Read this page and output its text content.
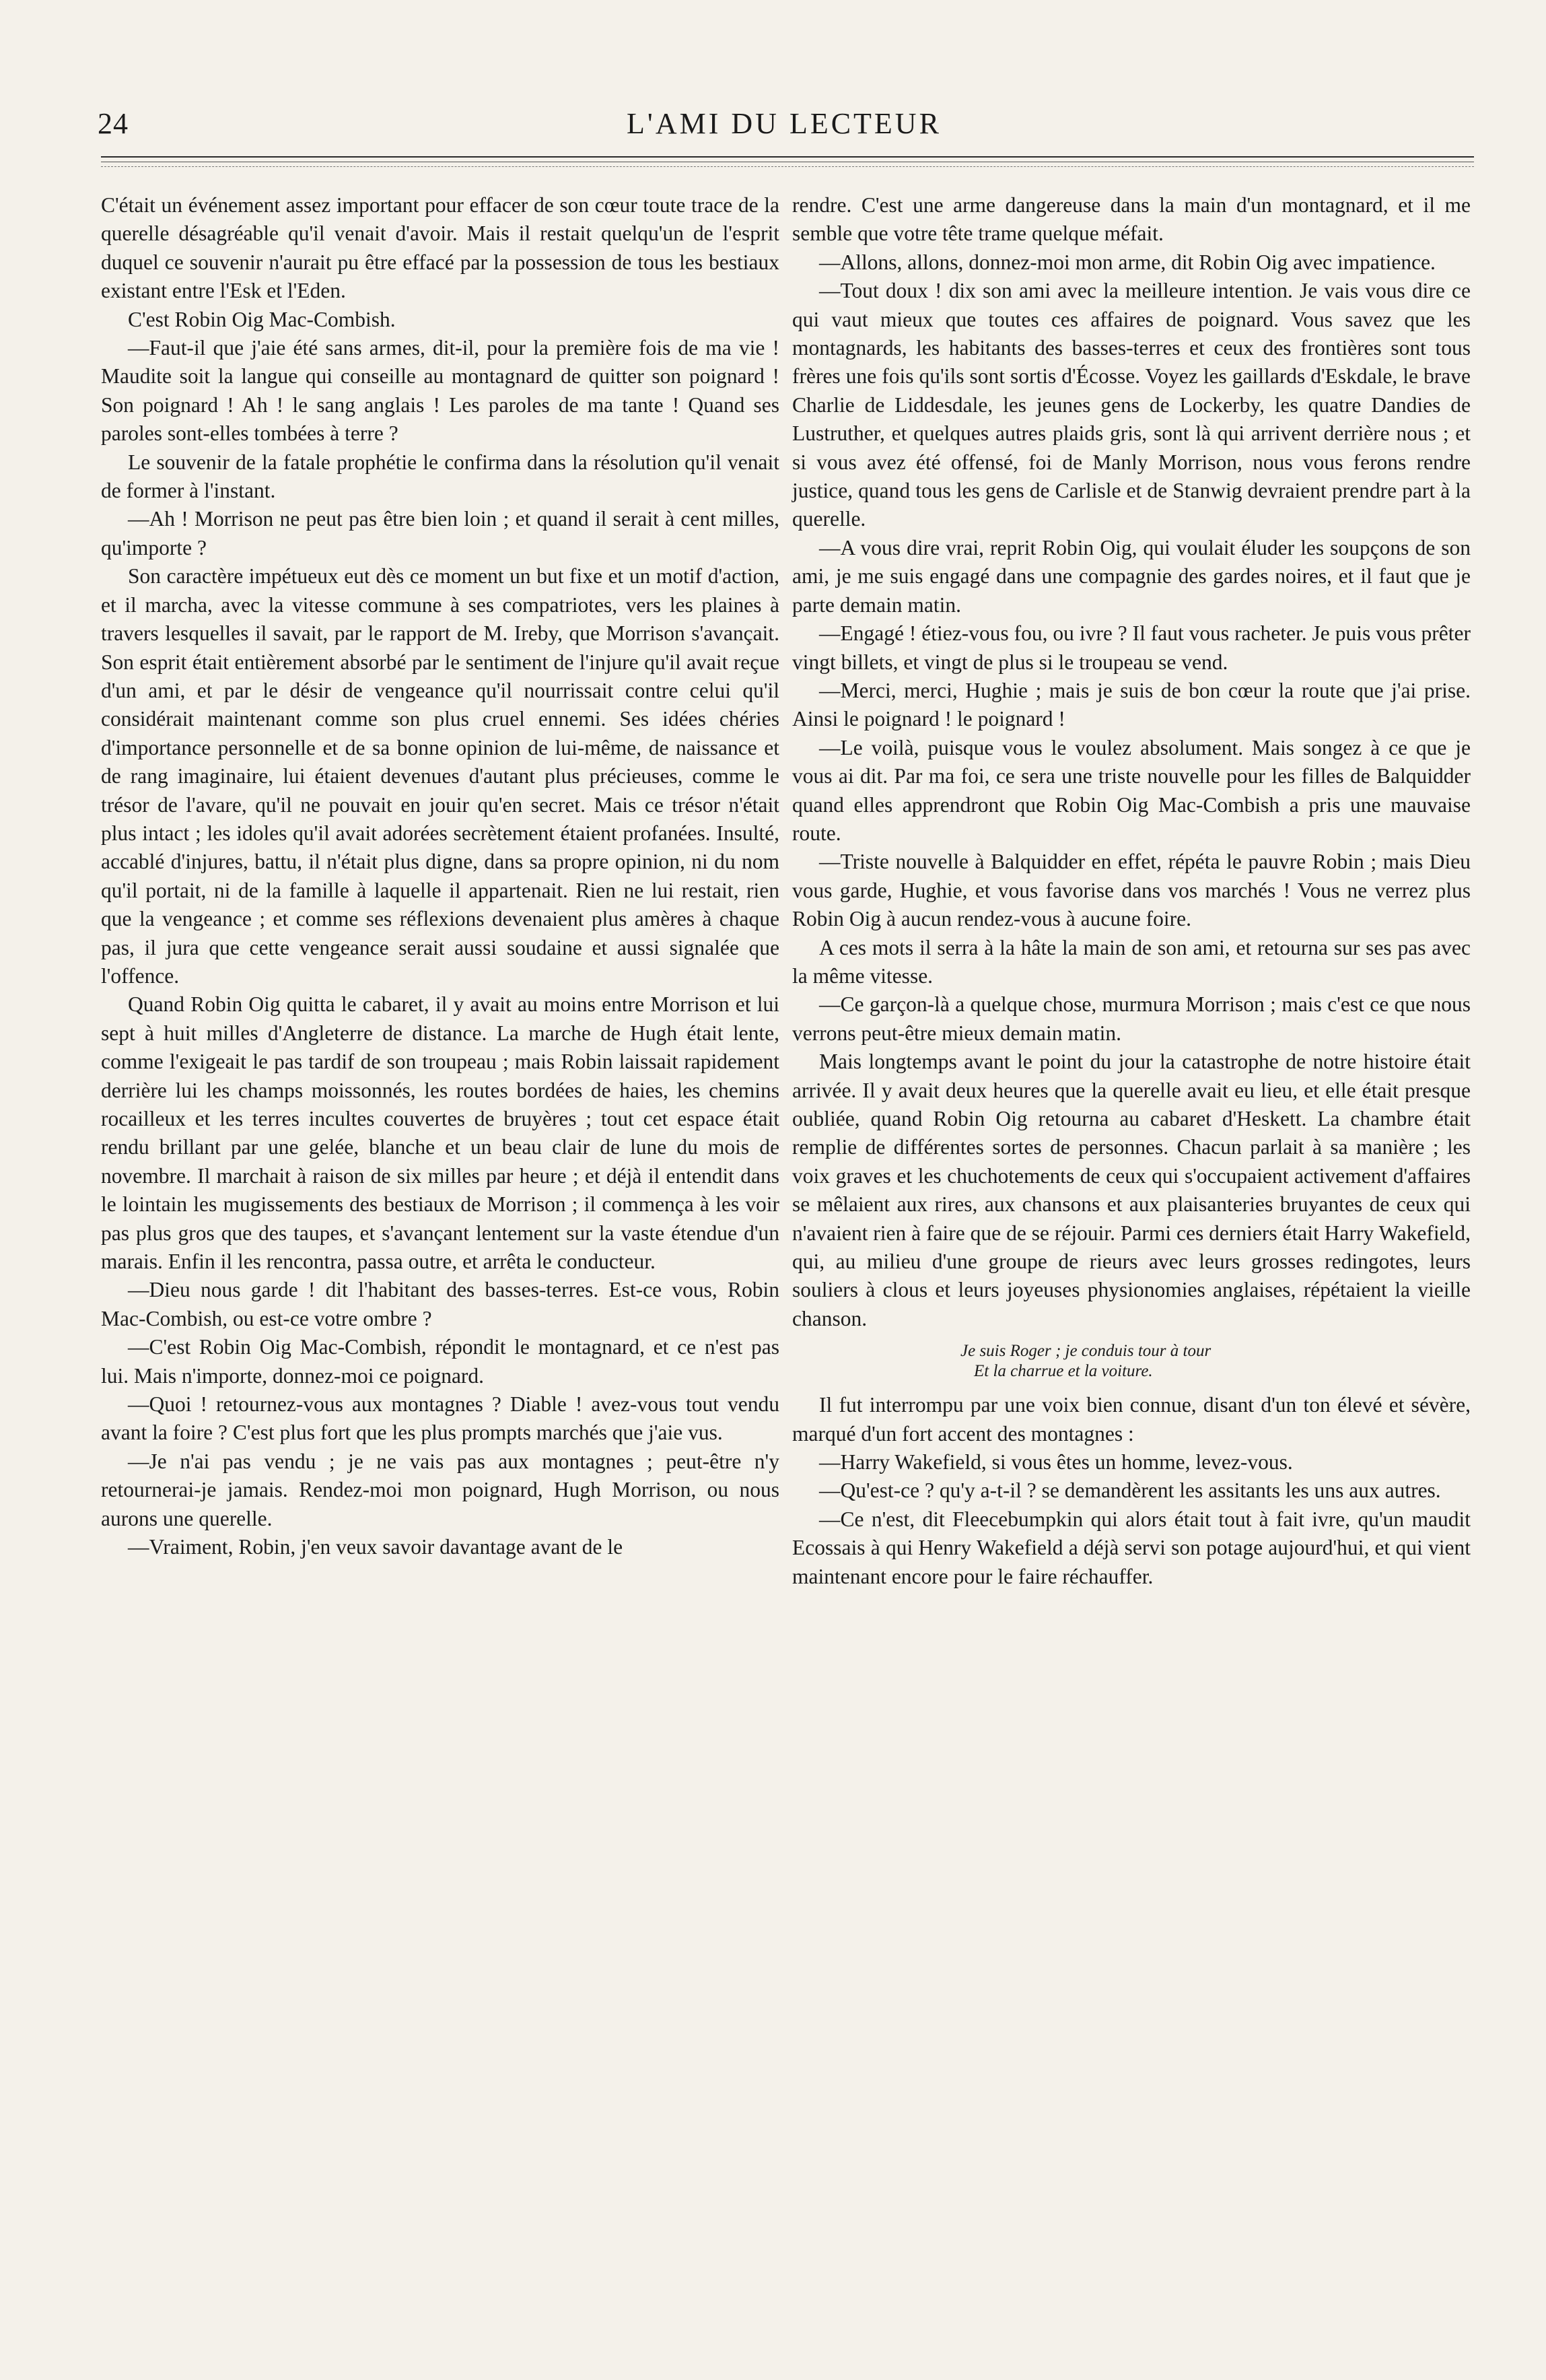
24	L'AMI DU LECTEUR

C'était un événement assez important pour effacer de son cœur toute trace de la querelle désagréable qu'il venait d'avoir. Mais il restait quelqu'un de l'esprit duquel ce souvenir n'aurait pu être effacé par la possession de tous les bestiaux existant entre l'Esk et l'Eden.

C'est Robin Oig Mac-Combish.

—Faut-il que j'aie été sans armes, dit-il, pour la première fois de ma vie ! Maudite soit la langue qui conseille au montagnard de quitter son poignard ! Son poignard ! Ah ! le sang anglais ! Les paroles de ma tante ! Quand ses paroles sont-elles tombées à terre ?

Le souvenir de la fatale prophétie le confirma dans la résolution qu'il venait de former à l'instant.

—Ah ! Morrison ne peut pas être bien loin ; et quand il serait à cent milles, qu'importe ?

Son caractère impétueux eut dès ce moment un but fixe et un motif d'action, et il marcha, avec la vitesse commune à ses compatriotes, vers les plaines à travers lesquelles il savait, par le rapport de M. Ireby, que Morrison s'avançait. Son esprit était entièrement absorbé par le sentiment de l'injure qu'il avait reçue d'un ami, et par le désir de vengeance qu'il nourrissait contre celui qu'il considérait maintenant comme son plus cruel ennemi. Ses idées chéries d'importance personnelle et de sa bonne opinion de lui-même, de naissance et de rang imaginaire, lui étaient devenues d'autant plus précieuses, comme le trésor de l'avare, qu'il ne pouvait en jouir qu'en secret. Mais ce trésor n'était plus intact ; les idoles qu'il avait adorées secrètement étaient profanées. Insulté, accablé d'injures, battu, il n'était plus digne, dans sa propre opinion, ni du nom qu'il portait, ni de la famille à laquelle il appartenait. Rien ne lui restait, rien que la vengeance ; et comme ses réflexions devenaient plus amères à chaque pas, il jura que cette vengeance serait aussi soudaine et aussi signalée que l'offence.

Quand Robin Oig quitta le cabaret, il y avait au moins entre Morrison et lui sept à huit milles d'Angleterre de distance. La marche de Hugh était lente, comme l'exigeait le pas tardif de son troupeau ; mais Robin laissait rapidement derrière lui les champs moissonnés, les routes bordées de haies, les chemins rocailleux et les terres incultes couvertes de bruyères ; tout cet espace était rendu brillant par une gelée, blanche et un beau clair de lune du mois de novembre. Il marchait à raison de six milles par heure ; et déjà il entendit dans le lointain les mugissements des bestiaux de Morrison ; il commença à les voir pas plus gros que des taupes, et s'avançant lentement sur la vaste étendue d'un marais. Enfin il les rencontra, passa outre, et arrêta le conducteur.

—Dieu nous garde ! dit l'habitant des basses-terres. Est-ce vous, Robin Mac-Combish, ou est-ce votre ombre ?

—C'est Robin Oig Mac-Combish, répondit le montagnard, et ce n'est pas lui. Mais n'importe, donnez-moi ce poignard.

—Quoi ! retournez-vous aux montagnes ? Diable ! avez-vous tout vendu avant la foire ? C'est plus fort que les plus prompts marchés que j'aie vus.

—Je n'ai pas vendu ; je ne vais pas aux montagnes ; peut-être n'y retournerai-je jamais. Rendez-moi mon poignard, Hugh Morrison, ou nous aurons une querelle.

—Vraiment, Robin, j'en veux savoir davantage avant de le

rendre. C'est une arme dangereuse dans la main d'un montagnard, et il me semble que votre tête trame quelque méfait.

—Allons, allons, donnez-moi mon arme, dit Robin Oig avec impatience.

—Tout doux ! dix son ami avec la meilleure intention. Je vais vous dire ce qui vaut mieux que toutes ces affaires de poignard. Vous savez que les montagnards, les habitants des basses-terres et ceux des frontières sont tous frères une fois qu'ils sont sortis d'Écosse. Voyez les gaillards d'Eskdale, le brave Charlie de Liddesdale, les jeunes gens de Lockerby, les quatre Dandies de Lustruther, et quelques autres plaids gris, sont là qui arrivent derrière nous ; et si vous avez été offensé, foi de Manly Morrison, nous vous ferons rendre justice, quand tous les gens de Carlisle et de Stanwig devraient prendre part à la querelle.

—A vous dire vrai, reprit Robin Oig, qui voulait éluder les soupçons de son ami, je me suis engagé dans une compagnie des gardes noires, et il faut que je parte demain matin.

—Engagé ! étiez-vous fou, ou ivre ? Il faut vous racheter. Je puis vous prêter vingt billets, et vingt de plus si le troupeau se vend.

—Merci, merci, Hughie ; mais je suis de bon cœur la route que j'ai prise. Ainsi le poignard ! le poignard !

—Le voilà, puisque vous le voulez absolument. Mais songez à ce que je vous ai dit. Par ma foi, ce sera une triste nouvelle pour les filles de Balquidder quand elles apprendront que Robin Oig Mac-Combish a pris une mauvaise route.

—Triste nouvelle à Balquidder en effet, répéta le pauvre Robin ; mais Dieu vous garde, Hughie, et vous favorise dans vos marchés ! Vous ne verrez plus Robin Oig à aucun rendez-vous à aucune foire.

A ces mots il serra à la hâte la main de son ami, et retourna sur ses pas avec la même vitesse.

—Ce garçon-là a quelque chose, murmura Morrison ; mais c'est ce que nous verrons peut-être mieux demain matin.

Mais longtemps avant le point du jour la catastrophe de notre histoire était arrivée. Il y avait deux heures que la querelle avait eu lieu, et elle était presque oubliée, quand Robin Oig retourna au cabaret d'Heskett. La chambre était remplie de différentes sortes de personnes. Chacun parlait à sa manière ; les voix graves et les chuchotements de ceux qui s'occupaient activement d'affaires se mêlaient aux rires, aux chansons et aux plaisanteries bruyantes de ceux qui n'avaient rien à faire que de se réjouir. Parmi ces derniers était Harry Wakefield, qui, au milieu d'une groupe de rieurs avec leurs grosses redingotes, leurs souliers à clous et leurs joyeuses physionomies anglaises, répétaient la vieille chanson.

Je suis Roger ; je conduis tour à tour
Et la charrue et la voiture.

Il fut interrompu par une voix bien connue, disant d'un ton élevé et sévère, marqué d'un fort accent des montagnes :

—Harry Wakefield, si vous êtes un homme, levez-vous.

—Qu'est-ce ? qu'y a-t-il ? se demandèrent les assitants les uns aux autres.

—Ce n'est, dit Fleecebumpkin qui alors était tout à fait ivre, qu'un maudit Ecossais à qui Henry Wakefield a déjà servi son potage aujourd'hui, et qui vient maintenant encore pour le faire réchauffer.
